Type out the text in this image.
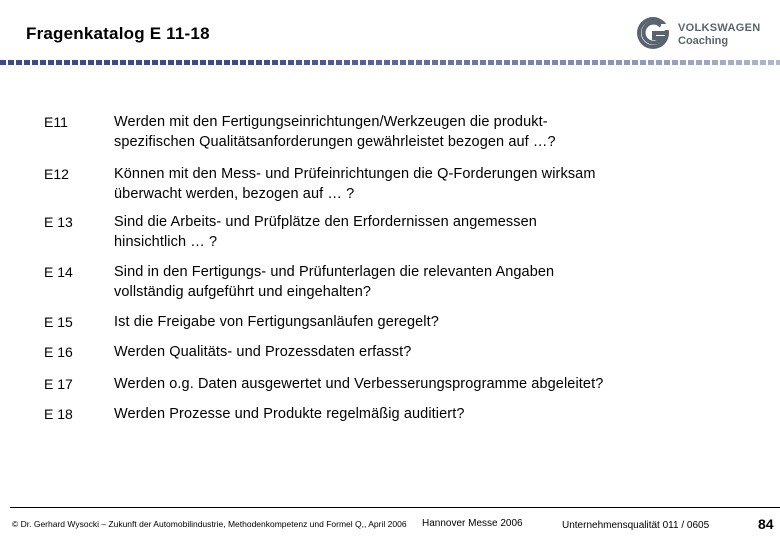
Fragenkatalog E 11-18	VOLKSWAGEN
Coaching
E11	Werden mit den Fertigungseinrichtungen/Werkzeugen die produkt-
spezifischen Qualitätsanforderungen gewährleistet bezogen auf …?
E12	Können mit den Mess- und Prüfeinrichtungen die Q-Forderungen wirksam
überwacht werden, bezogen auf … ?
E 13	Sind die Arbeits- und Prüfplätze den Erfordernissen angemessen
hinsichtlich … ?
E 14	Sind in den Fertigungs- und Prüfunterlagen die relevanten Angaben
vollständig aufgeführt und eingehalten?
E 15	Ist die Freigabe von Fertigungsanläufen geregelt?
E 16	Werden Qualitäts- und Prozessdaten erfasst?
E 17	Werden o.g. Daten ausgewertet und Verbesserungsprogramme abgeleitet?
E 18	Werden Prozesse und Produkte regelmäßig auditiert?
© Dr. Gerhard Wysocki – Zukunft der Automobilindustrie, Methodenkompetenz und Formel Q,, April 2006 Hannover Messe 2006	Unternehmensqualität 011 / 0605	84
